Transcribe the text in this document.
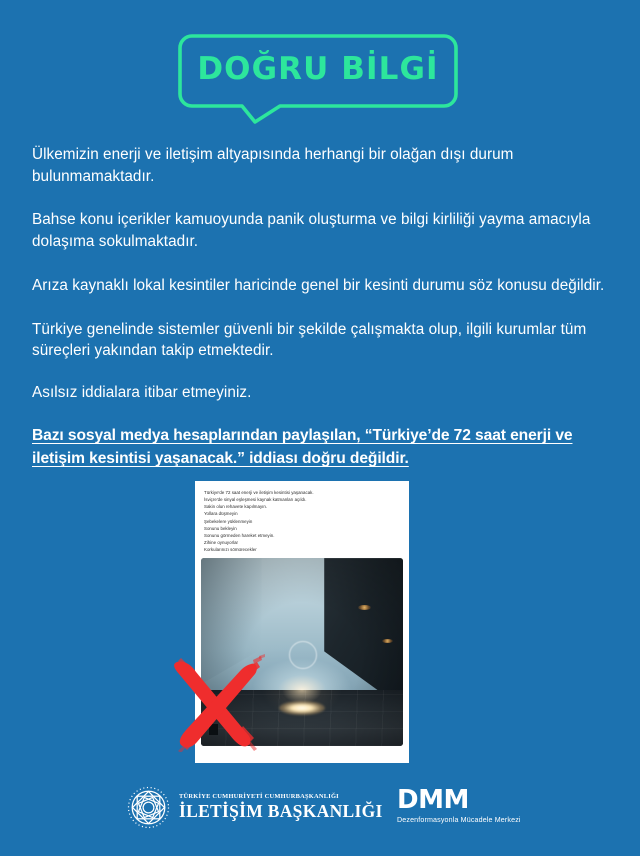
DOĞRU BİLGİ

Ülkemizin enerji ve iletişim altyapısında herhangi bir olağan dışı durum bulunmamaktadır.

Bahse konu içerikler kamuoyunda panik oluşturma ve bilgi kirliliği yayma amacıyla dolaşıma sokulmaktadır.

Arıza kaynaklı lokal kesintiler haricinde genel bir kesinti durumu söz konusu değildir.

Türkiye genelinde sistemler güvenli bir şekilde çalışmakta olup, ilgili kurumlar tüm süreçleri yakından takip etmektedir.

Asılsız iddialara itibar etmeyiniz.

Bazı sosyal medya hesaplarından paylaşılan, “Türkiye’de 72 saat enerji ve iletişim kesintisi yaşanacak.” iddiası doğru değildir.

Türkiye'de 72 saat enerji ve iletişim kesintisi yaşanacak.
İsviçre'de sinyal eşleşmesi kaynak katmanları açıldı.
Sakin olun rehavete kapılmayın.
Yollara düşmeyin
Şebekelere yüklenmeyin
Sonunu bekleyin
Sonunu görmeden hareket etmeyin.
Zihine oynuyorlar
Korkularınızı sömürecekler
TÜRKİYE CUMHURİYETİ CUMHURBAŞKANLIĞI
İLETİŞİM BAŞKANLIĞI DMM
Dezenformasyonla Mücadele Merkezi
